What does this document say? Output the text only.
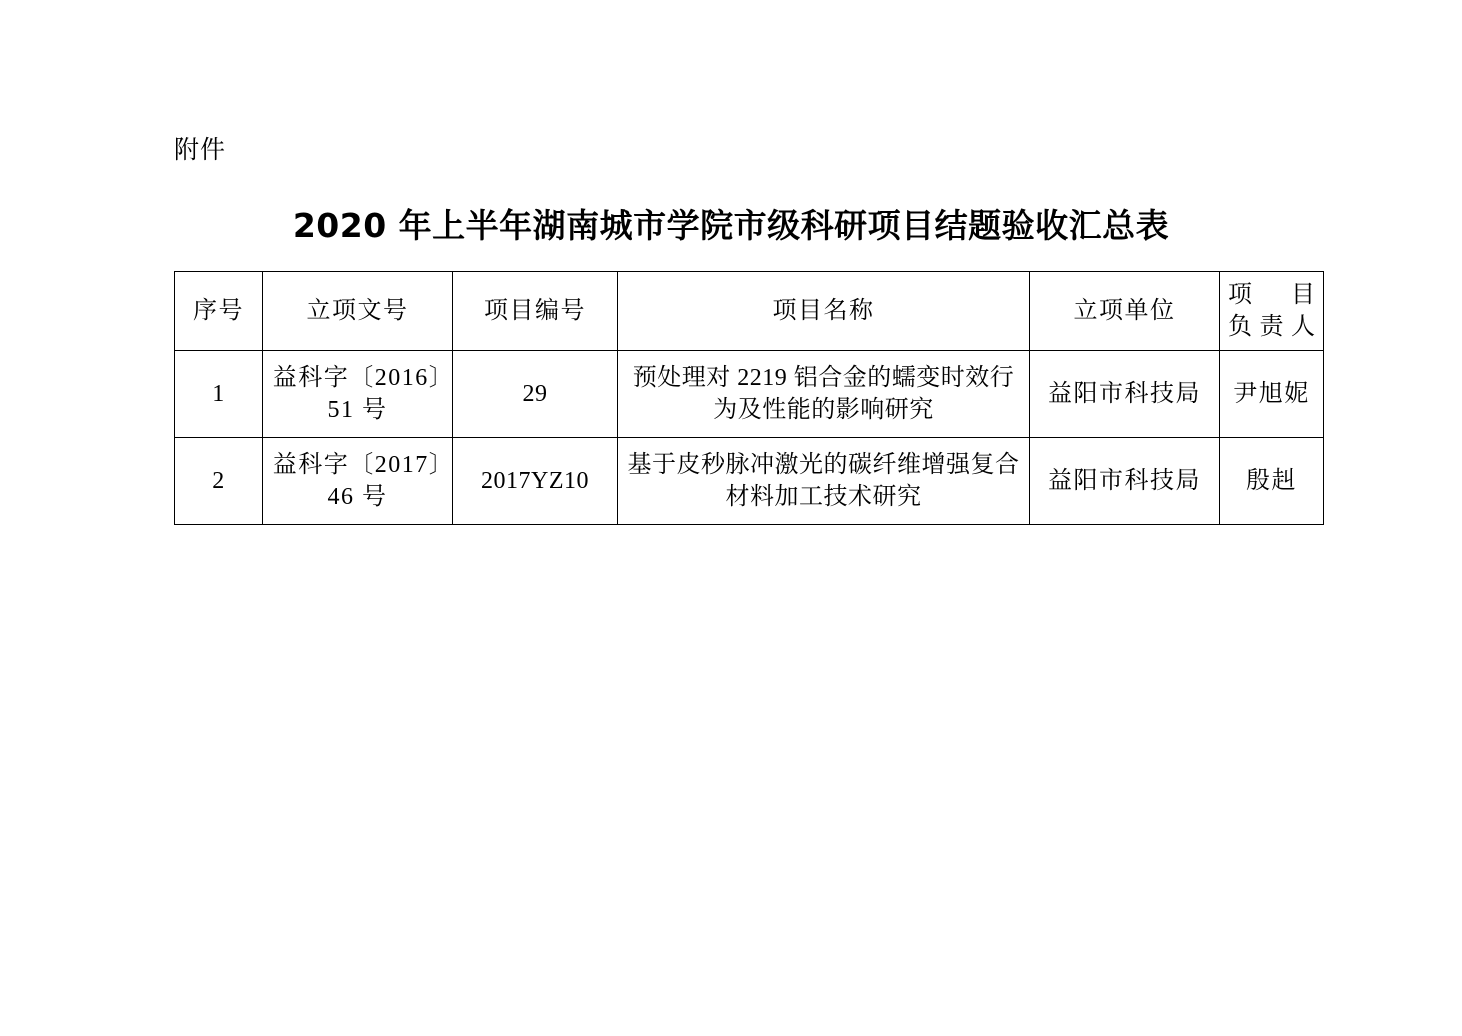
附件
2020 年上半年湖南城市学院市级科研项目结题验收汇总表
序号	立项文号	项目编号	项目名称	立项单位	项 目
负责人

1	益科字〔2016〕51 号	29	预处理对 2219 铝合金的蠕变时效行为及性能的影响研究	益阳市科技局	尹旭妮
2	益科字〔2017〕46 号	2017YZ10	基于皮秒脉冲激光的碳纤维增强复合材料加工技术研究	益阳市科技局	殷赳
